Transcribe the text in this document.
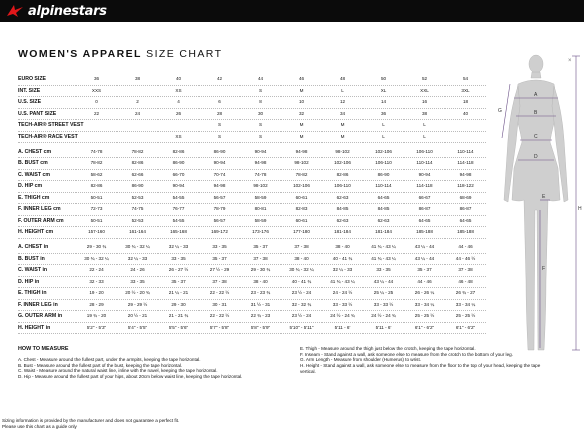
alpinestars
WOMEN'S APPAREL SIZE CHART
EURO SIZE	36	38	40	42	44	46	48	50	52	54
INT. SIZE	XXS		XS		S	M	L	XL	XXL	3XL
U.S. SIZE	0	2	4	6	8	10	12	14	16	18
U.S. PANT SIZE	22	24	26	28	30	32	34	36	38	40
TECH-AIR® STREET VEST				S	S	M	M	L	L	
TECH-AIR® RACE VEST			XS	S	S	M	M	L	L	

A. CHEST cm	74-78	78-82	82-86	86-90	90-94	94-98	98-102	102-106	106-110	110-114
B. BUST cm	78-82	82-86	86-90	90-94	94-98	98-102	102-106	106-110	110-114	114-118
C. WAIST cm	58-62	62-66	66-70	70-74	74-78	78-82	82-86	86-90	90-94	94-98
D. HIP cm	82-86	86-90	90-94	94-98	98-102	102-106	106-110	110-114	114-118	118-122
E. THIGH cm	50-51	52-53	54-55	56-57	58-59	60-61	62-63	64-65	66-67	68-69
F. INNER LEG cm	72-73	74-75	76-77	78-79	80-81	82-83	84-85	84-85	86-87	86-87
F. OUTER ARM cm	50-51	52-53	54-55	56-57	58-59	60-61	62-63	62-63	64-65	64-65
H. HEIGHT cm	157-160	161-164	165-168	169-172	173-176	177-180	181-184	181-184	185-188	185-188

A. CHEST in	29 - 30 ¾	30 ¾ - 32 ¼	32 ¼ - 33	33 - 35	35 - 37	37 - 38	38 - 40	41 ¾ - 43 ¼	43 ¼ - 44	44 - 46
B. BUST in	30 ¾ - 32 ¼	32 ¼ - 33	33 - 35	35 - 37	37 - 38	38 - 40	40 - 41 ¾	41 ¾ - 43 ¼	43 ¼ - 44	44 - 46 ½
C. WAIST in	22 - 24	24 - 26	26 - 27 ½	27 ½ - 29	29 - 30 ¾	30 ¾ - 32 ¼	32 ¼ - 33	33 - 35	35 - 37	37 - 38
D. HIP in	32 - 33	33 - 35	35 - 37	37 - 38	38 - 40	40 - 41 ¾	41 ¾ - 43 ¼	43 ¼ - 44	44 - 46	46 - 48
E. THIGH in	19 - 20	20 ½ - 20 ¾	21 ¼ - 21	22 - 22 ½	23 - 23 ¾	23 ½ - 24	24 - 24 ½	25 ¼ - 25	26 - 26 ¼	26 ¾ - 27
F. INNER LEG in	28 - 29	29 - 29 ½	29 - 30	30 - 31	31 ½ - 31	32 - 32 ¾	33 - 33 ½	33 - 33 ½	33 - 34 ¼	33 - 34 ¼
G. OUTER ARM in	19 ¾ - 20	20 ½ - 21	21 - 21 ¾	22 - 22 ½	22 ¾ - 23	23 ½ - 24	24 ½ - 24 ¾	24 ½ - 24 ¾	25 - 25 ½	25 - 25 ½
H. HEIGHT in	5'2" - 5'3"	5'4" - 5'5"	5'5" - 5'6"	5'7" - 5'8"	5'8" - 5'9"	5'10" - 5'11"	5'11 - 6'	5'11 - 6'	6'1" - 6'2"	6'1" - 6'2"
HOW TO MEASURE
A. Chest - Measure around the fullest part, under the armpits, keeping the tape horizontal.
B. Bust - Measure around the fullest part of the bust, keeping the tape horizontal.
C. Waist - Measure around the natural waist line, inline with the navel, keeping the tape horizontal.
D. Hip - Measure around the fullest part of your hips, about 20cm below waist line, keeping the tape horizontal.
E. Thigh - Measure around the thigh just below the crotch, keeping the tape horizontal.
F. Inseam - Stand against a wall, ask someone else to measure from the crotch to the bottom of your leg.
G. Arm Length - Measure from shoulder (Humerus) to wrist.
H. Height - Stand against a wall, ask someone else to measure from the floor to the top of your head, keeping the tape
vertical.
Sizing information is provided by the manufacturer and does not guarantee a perfect fit.
Please use this chart as a guide only
×
A
B
C
D
E
F
G
H
